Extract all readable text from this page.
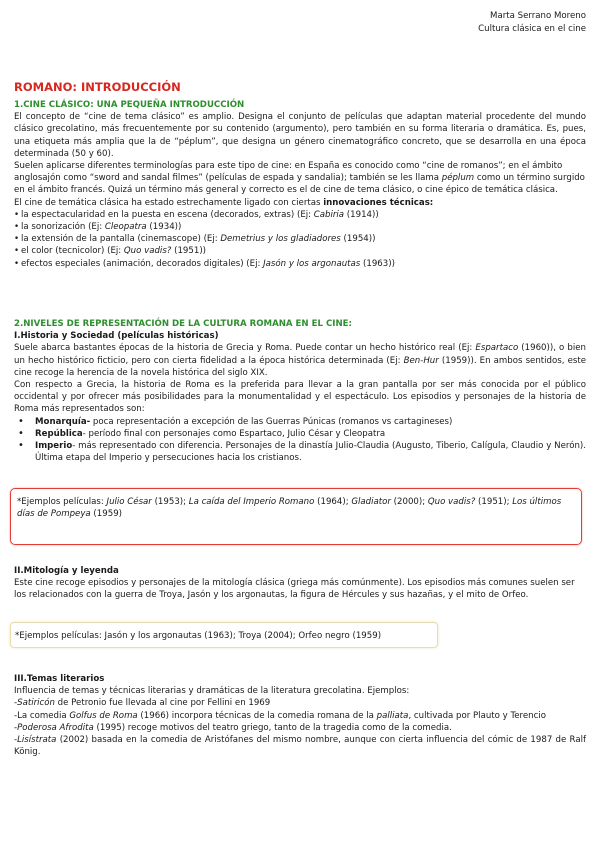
Marta Serrano Moreno
Cultura clásica en el cine
ROMANO: INTRODUCCIÓN
1.CINE CLÁSICO: UNA PEQUEÑA INTRODUCCIÓN

El concepto de “cine de tema clásico” es amplio. Designa el conjunto de películas que adaptan material procedente del mundo clásico grecolatino, más frecuentemente por su contenido (argumento), pero también en su forma literaria o dramática. Es, pues, una etiqueta más amplia que la de “péplum”, que designa un género cinematográfico concreto, que se desarrolla en una época determinada (50 y 60).

Suelen aplicarse diferentes terminologías para este tipo de cine: en España es conocido como “cine de romanos”; en el ámbito anglosajón como “sword and sandal filmes” (películas de espada y sandalia); también se les llama péplum como un término surgido en el ámbito francés. Quizá un término más general y correcto es el de cine de tema clásico, o cine épico de temática clásica.

El cine de temática clásica ha estado estrechamente ligado con ciertas innovaciones técnicas:

• la espectacularidad en la puesta en escena (decorados, extras) (Ej: Cabiria (1914))
• la sonorización (Ej: Cleopatra (1934))
• la extensión de la pantalla (cinemascope) (Ej: Demetrius y los gladiadores (1954))
• el color (tecnicolor) (Ej: Quo vadis? (1951))
• efectos especiales (animación, decorados digitales) (Ej: Jasón y los argonautas (1963))
2.NIVELES DE REPRESENTACIÓN DE LA CULTURA ROMANA EN EL CINE:
I.Historia y Sociedad (películas históricas)

Suele abarca bastantes épocas de la historia de Grecia y Roma. Puede contar un hecho histórico real (Ej: Espartaco (1960)), o bien un hecho histórico ficticio, pero con cierta fidelidad a la época histórica determinada (Ej: Ben-Hur (1959)). En ambos sentidos, este cine recoge la herencia de la novela histórica del siglo XIX.

Con respecto a Grecia, la historia de Roma es la preferida para llevar a la gran pantalla por ser más conocida por el público occidental y por ofrecer más posibilidades para la monumentalidad y el espectáculo. Los episodios y personajes de la historia de Roma más representados son:

• Monarquía- poca representación a excepción de las Guerras Púnicas (romanos vs cartagineses)
• República- período final con personajes como Espartaco, Julio César y Cleopatra
• Imperio- más representado con diferencia. Personajes de la dinastía Julio-Claudia (Augusto, Tiberio, Calígula, Claudio y Nerón). Última etapa del Imperio y persecuciones hacia los cristianos.
*Ejemplos películas: Julio César (1953); La caída del Imperio Romano (1964); Gladiator (2000); Quo vadis? (1951); Los últimos días de Pompeya (1959)
II.Mitología y leyenda

Este cine recoge episodios y personajes de la mitología clásica (griega más comúnmente). Los episodios más comunes suelen ser los relacionados con la guerra de Troya, Jasón y los argonautas, la figura de Hércules y sus hazañas, y el mito de Orfeo.

*Ejemplos películas: Jasón y los argonautas (1963); Troya (2004); Orfeo negro (1959)
III.Temas literarios

Influencia de temas y técnicas literarias y dramáticas de la literatura grecolatina. Ejemplos:

-Satiricón de Petronio fue llevada al cine por Fellini en 1969

-La comedia Golfus de Roma (1966) incorpora técnicas de la comedia romana de la palliata, cultivada por Plauto y Terencio

-Poderosa Afrodita (1995) recoge motivos del teatro griego, tanto de la tragedia como de la comedia.

-Lisístrata (2002) basada en la comedia de Aristófanes del mismo nombre, aunque con cierta influencia del cómic de 1987 de Ralf König.
